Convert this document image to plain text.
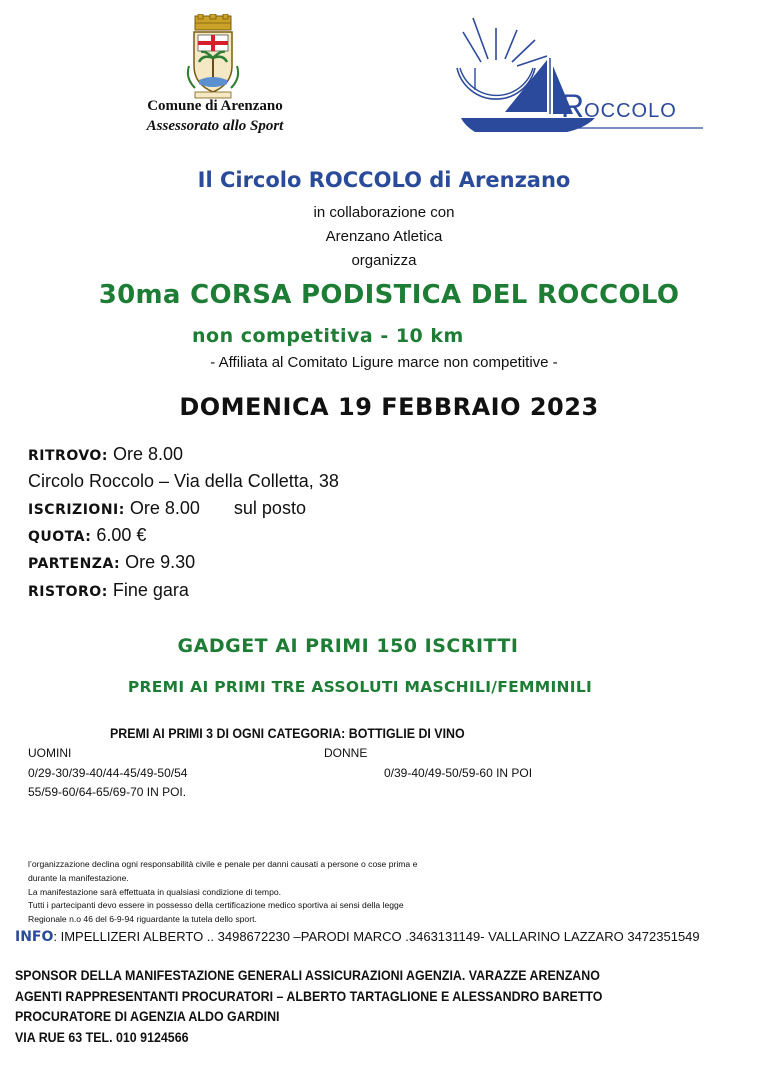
Comune di Arenzano
Assessorato allo Sport
ROCCOLO
Il Circolo ROCCOLO di Arenzano
in collaborazione con
Arenzano Atletica
organizza
30ma CORSA PODISTICA DEL ROCCOLO
non competitiva - 10 km
- Affiliata al Comitato Ligure marce non competitive -
DOMENICA 19 FEBBRAIO 2023
RITROVO: Ore 8.00
Circolo Roccolo – Via della Colletta, 38
ISCRIZIONI: Ore 8.00 sul posto
QUOTA: 6.00 €
PARTENZA: Ore 9.30
RISTORO: Fine gara
GADGET AI PRIMI 150 ISCRITTI
PREMI AI PRIMI TRE ASSOLUTI MASCHILI/FEMMINILI
PREMI AI PRIMI 3 DI OGNI CATEGORIA: BOTTIGLIE DI VINO
UOMINI	DONNE
0/29-30/39-40/44-45/49-50/54	0/39-40/49-50/59-60 IN POI
55/59-60/64-65/69-70 IN POI.
l’organizzazione declina ogni responsabilità civile e penale per danni causati a persone o cose prima e
durante la manifestazione.
La manifestazione sarà effettuata in qualsiasi condizione di tempo.
Tutti i partecipanti devo essere in possesso della certificazione medico sportiva ai sensi della legge
Regionale n.o 46 del 6-9-94 riguardante la tutela dello sport.
INFO: IMPELLIZERI ALBERTO .. 3498672230 –PARODI MARCO .3463131149- VALLARINO LAZZARO 3472351549
SPONSOR DELLA MANIFESTAZIONE GENERALI ASSICURAZIONI AGENZIA. VARAZZE ARENZANO
AGENTI RAPPRESENTANTI PROCURATORI – ALBERTO TARTAGLIONE E ALESSANDRO BARETTO
PROCURATORE DI AGENZIA ALDO GARDINI
VIA RUE 63 TEL. 010 9124566
